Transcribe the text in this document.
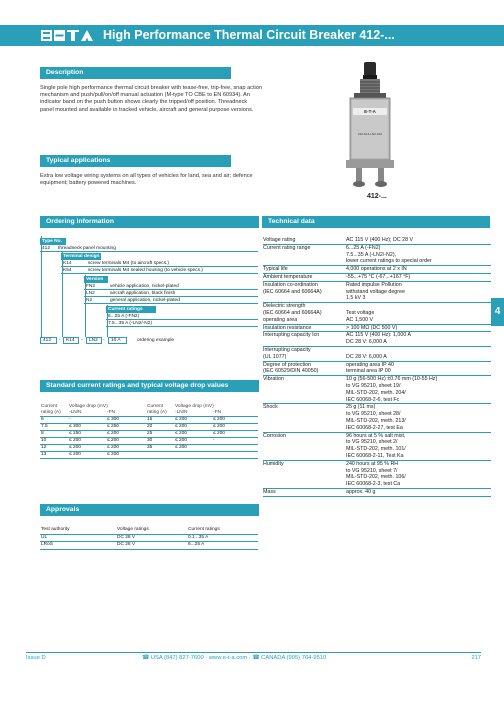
High Performance Thermal Circuit Breaker 412-...
Description
Single pole high performance thermal circuit breaker with tease-free, trip-free, snap action mechanism and push/pull/on/off manual actuation (M-type TO CBE to EN 60934). An indicator band on the push button shows clearly the tripped/off position. Threadneck panel mounted and available in tracked vehicle, aircraft and general purpose versions.	E-T-A
412-K14-LN2-10A
412-...
Typical applications
Extra low voltage wiring systems on all types of vehicles for land, sea and air; defence equipment; battery powered machines.
4
Ordering information
Type No.
412 threadneck panel mounting
Terminal design
K14	screw terminals M4 (to aircraft specs.)
K54	screw terminals M4 sealed housing (to vehicle specs.)
Version
FN2	vehicle application, nickel-plated
LN2	aircraft application, black finish
N2	general application, nickel-plated
Current ratings
6...25 A (-FN2)
7.5...35 A (-LN2/-N2)
412	-	K14	-	LN2	-	10 A	ordering example
Standard current ratings and typical voltage drop values
Current	Voltage drop (mV)		Current	Voltage drop (mV)	
rating (A)	-LN/N	-FN	rating (A)	-LN/N	-FN
6	-	≤ 300	15	≤ 200	≤ 200
7.5	≤ 300	≤ 250	20	≤ 200	≤ 200
8	≤ 250	≤ 200	25	≤ 200	≤ 200
10	≤ 200	≤ 200	30	≤ 200	-
12	≤ 200	≤ 200	35	≤ 200	
13	≤ 200	≤ 200			
Approvals
Test authority	Voltage ratings	Current ratings
UL	DC 28 V	0.1...35 A
LRoS	DC 28 V	6...25 A
Technical data
Voltage rating	AC 115 V (400 Hz); DC 28 V
Current rating range	6...25 A (-FN2)
7.5...35 A (-LN2/-N2),
lower current ratings to special order
Typical life	4,000 operations at 2 x IN
Ambient temperature	-55...+75 °C (-67...+167 °F)
Insulation co-ordination
(IEC 60664 and 60664A)	Rated impulse Pollution
withstand voltage degree
1.5 kV 3
Dielectric strength
(IEC 60664 and 60664A)
operating area	
Test voltage
AC 1,500 V
Insulation resistance	> 100 MΩ (DC 500 V)
Interrupting capacity Icn	AC 115 V (400 Hz): 1,000 A
DC 28 V: 6,000 A
Interrupting capacity
(UL 1077)	
DC 28 V: 6,000 A
Degree of protection
(IEC 60529/DIN 40050)	operating area IP 40
terminal area IP 00
Vibration	10 g (56-500 Hz) ±0.76 mm (10-55 Hz)
to VG 95210, sheet 19/
MIL-STD-202, meth. 204/
IEC 60068-2-6, test Fc
Shock	25 g (11 ms)
to VG 95210, sheet 28/
MIL-STD-202, meth. 213/
IEC 60068-2-27, test Ea
Corrosion	96 hours at 5 % salt mist,
to VG 95210, sheet 2/
MIL-STD-202, meth. 101/
IEC 60068-2-11, Test Ka
Humidity	240 hours at 95 % RH
to VG 95210, sheet 7/
MIL-STD-202, meth. 106/
IEC 60068-2-3, test Ca
Mass	approx. 40 g
Issue D	☎ USA (847) 827-7600 · www.e-t-a.com · ☎ CANADA (905) 764-9510	217
